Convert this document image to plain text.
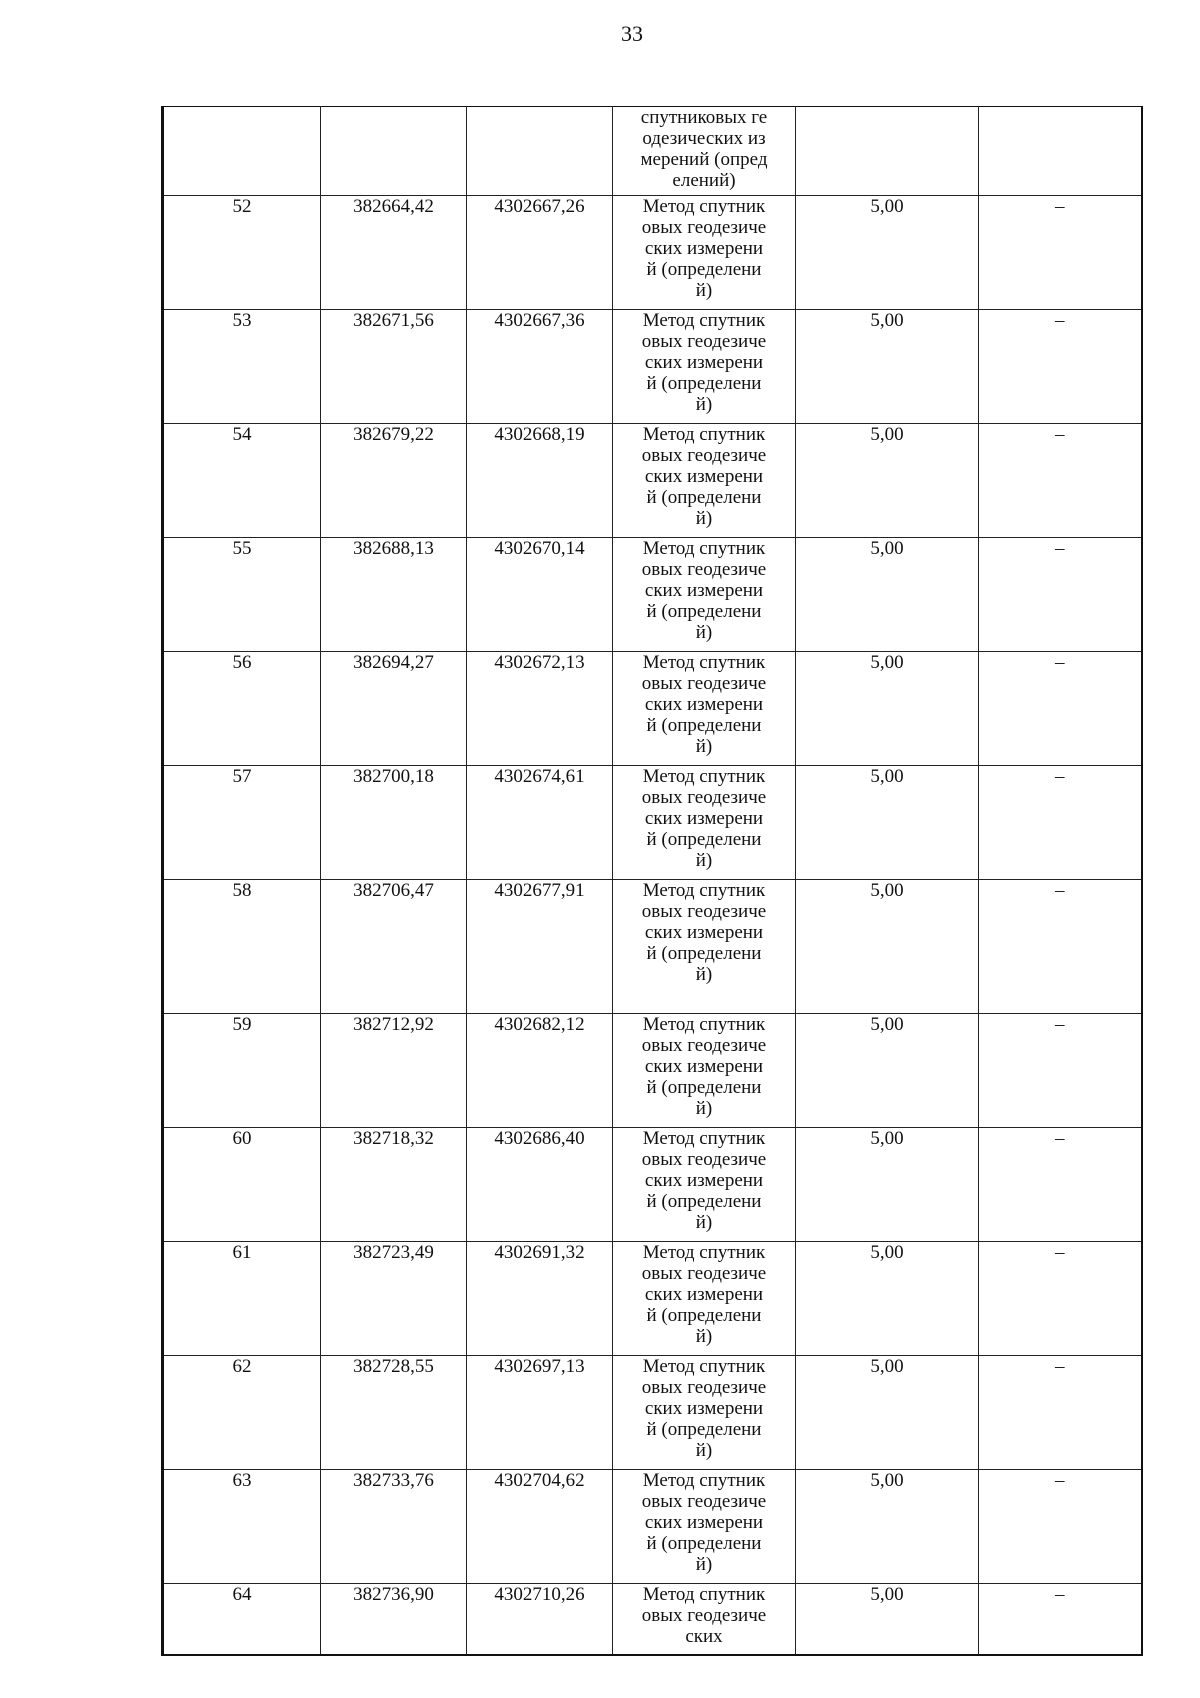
33

			спутниковых геодезических измерений (определений)		

52	382664,42	4302667,26	Метод спутниковых геодезических измерений (определений)	5,00	–
53	382671,56	4302667,36	Метод спутниковых геодезических измерений (определений)	5,00	–
54	382679,22	4302668,19	Метод спутниковых геодезических измерений (определений)	5,00	–
55	382688,13	4302670,14	Метод спутниковых геодезических измерений (определений)	5,00	–
56	382694,27	4302672,13	Метод спутниковых геодезических измерений (определений)	5,00	–
57	382700,18	4302674,61	Метод спутниковых геодезических измерений (определений)	5,00	–
58	382706,47	4302677,91	Метод спутниковых геодезических измерений (определени й)	5,00	–
59	382712,92	4302682,12	Метод спутниковых геодезических измерений (определений)	5,00	–
60	382718,32	4302686,40	Метод спутниковых геодезических измерений (определений)	5,00	–
61	382723,49	4302691,32	Метод спутниковых геодезических измерений (определений)	5,00	–
62	382728,55	4302697,13	Метод спутниковых геодезических измерений (определений)	5,00	–
63	382733,76	4302704,62	Метод спутниковых геодезических измерений (определений)	5,00	–
64	382736,90	4302710,26	Метод спутниковых геодезических	5,00	–
